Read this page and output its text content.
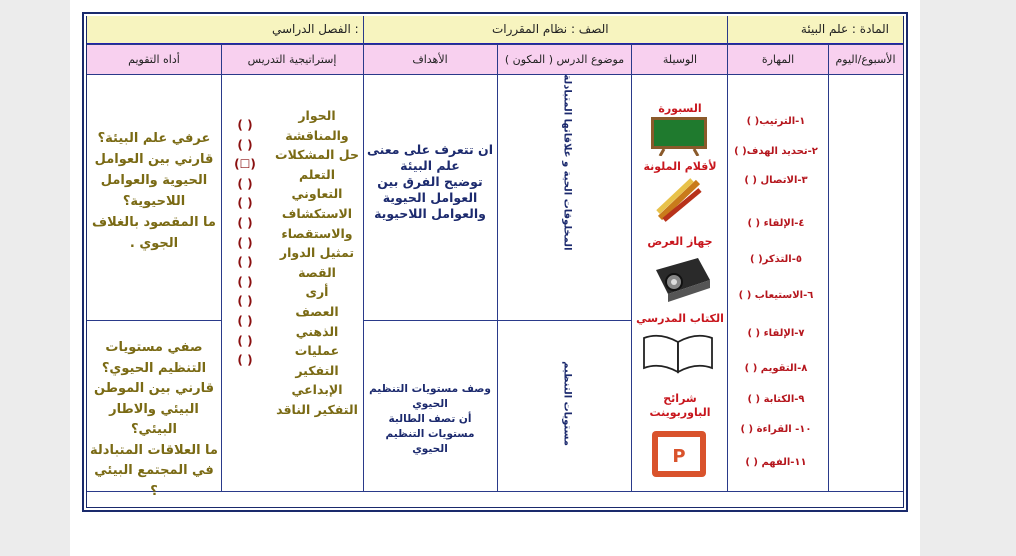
المادة : علم البيئة
الصف : نظام المقررات
الفصل الدراسي :
الأسبوع/اليوم
المهارة
الوسيلة
( المكون ) موضوع الدرس
الأهداف
إستراتيجية التدريس
أداه التقويم
١-الترتيب( )
٢-تحديد الهدف( )
٣-الاتصال ( )
٤-الإلقاء ( )
٥-التذكر( )
٦-الاستيعاب ( )
٧-الإلقاء ( )
٨-التقويم ( )
٩-الكتابة ( )
١٠- القراءة ( )
١١-الفهم ( )
السبورة
لأقلام الملونة
جهاز العرض
الكتاب المدرسي
شرائح
الباوربوينت
P
المخلوقات الحية و علاقاتها المتبادلة
مستويات التنظيم
ان تتعرف على معنى
علم البيئة
توضيح الفرق بين
العوامل الحيوية
والعوامل اللاحيوية
وصف مستويات التنظيم
الحيوي
أن تصف الطالبة
مستويات التنظيم الحيوي
الحوار
والمناقشة
حل المشكلات
التعلم التعاوني
الاستكشاف
والاستقصاء
تمثيل الدوار
القصة
أرى
العصف الذهني
عمليات التفكير
الإبداعي
التفكير الناقد
( )
( )
(☐)
( )
( )
( )
( )
( )
( )
( )
( )
( )
( )
عرفي علم البيئة؟
قارني بين العوامل
الحيوية والعوامل
اللاحيوية؟
ما المقصود بالغلاف
الجوي .
صفي مستويات
التنظيم الحيوي؟
قارني بين الموطن
البيئي والاطار
البيئي؟
ما العلاقات المتبادلة
في المجتمع البيئي ؟
